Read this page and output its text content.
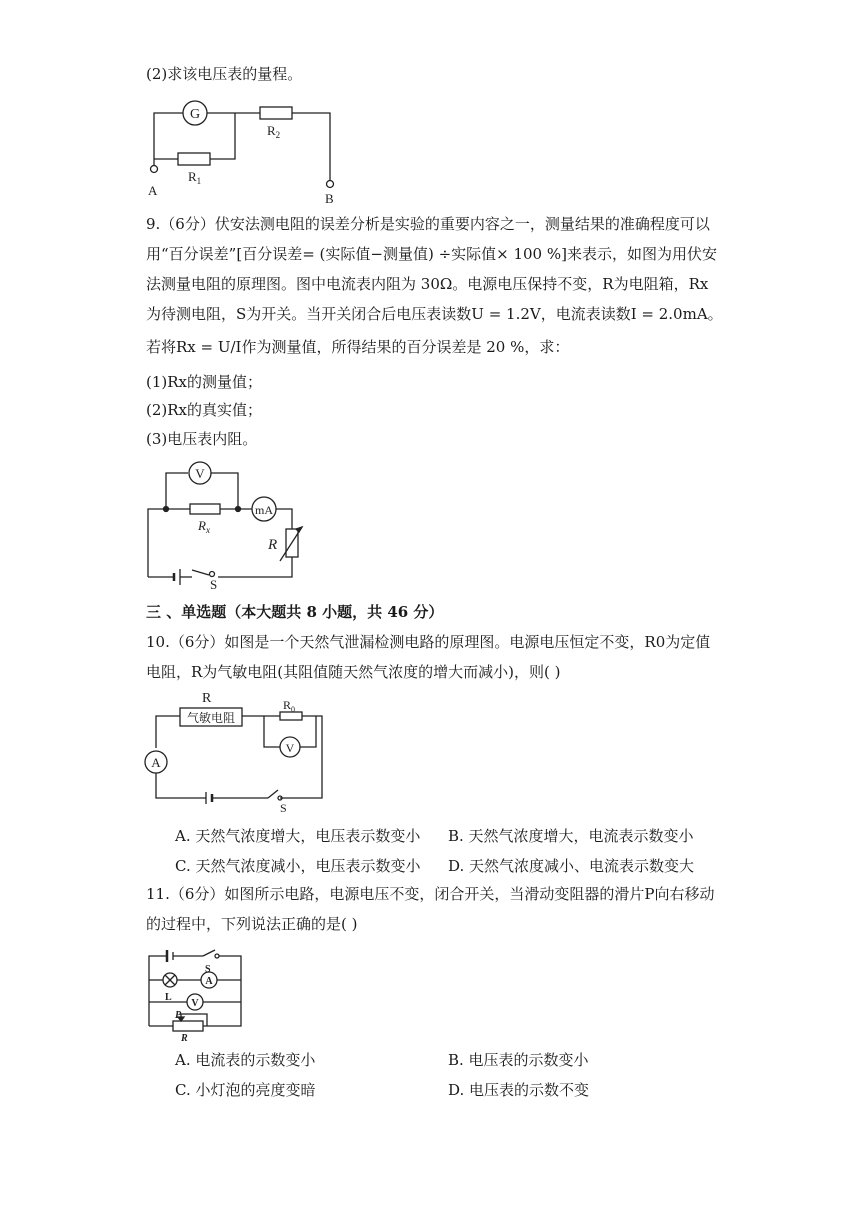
(2)求该电压表的量程。
G
$R_2$
$R_1$
A
B
9.（6分）伏安法测电阻的误差分析是实验的重要内容之一，测量结果的准确程度可以
用“百分误差”[百分误差= (实际值−测量值) ÷实际值× 100 %]来表示，如图为用伏安
法测量电阻的原理图。图中电流表内阻为 30Ω。电源电压保持不变，R为电阻箱，Rx
为待测电阻，S为开关。当开关闭合后电压表读数U = 1.2V，电流表读数I = 2.0mA。
若将Rx = U/I作为测量值，所得结果的百分误差是 20 %，求：
(1)Rx的测量值；
(2)Rx的真实值；
(3)电压表内阻。
V
mA
$R_x$
R
S
三 、单选题（本大题共 8 小题，共 46 分）
10.（6分）如图是一个天然气泄漏检测电路的原理图。电源电压恒定不变，R0为定值
电阻，R为气敏电阻(其阻值随天然气浓度的增大而减小)，则( )
R
气敏电阻
V
$R_0$
A
S
A. 天然气浓度增大，电压表示数变小 B. 天然气浓度增大，电流表示数变小
C. 天然气浓度减小，电压表示数变小 D. 天然气浓度减小、电流表示数变大
11.（6分）如图所示电路，电源电压不变，闭合开关，当滑动变阻器的滑片P向右移动
的过程中，下列说法正确的是( )
S
A
L
V
P
R
A. 电流表的示数变小	B. 电压表的示数变小
C. 小灯泡的亮度变暗	D. 电压表的示数不变
